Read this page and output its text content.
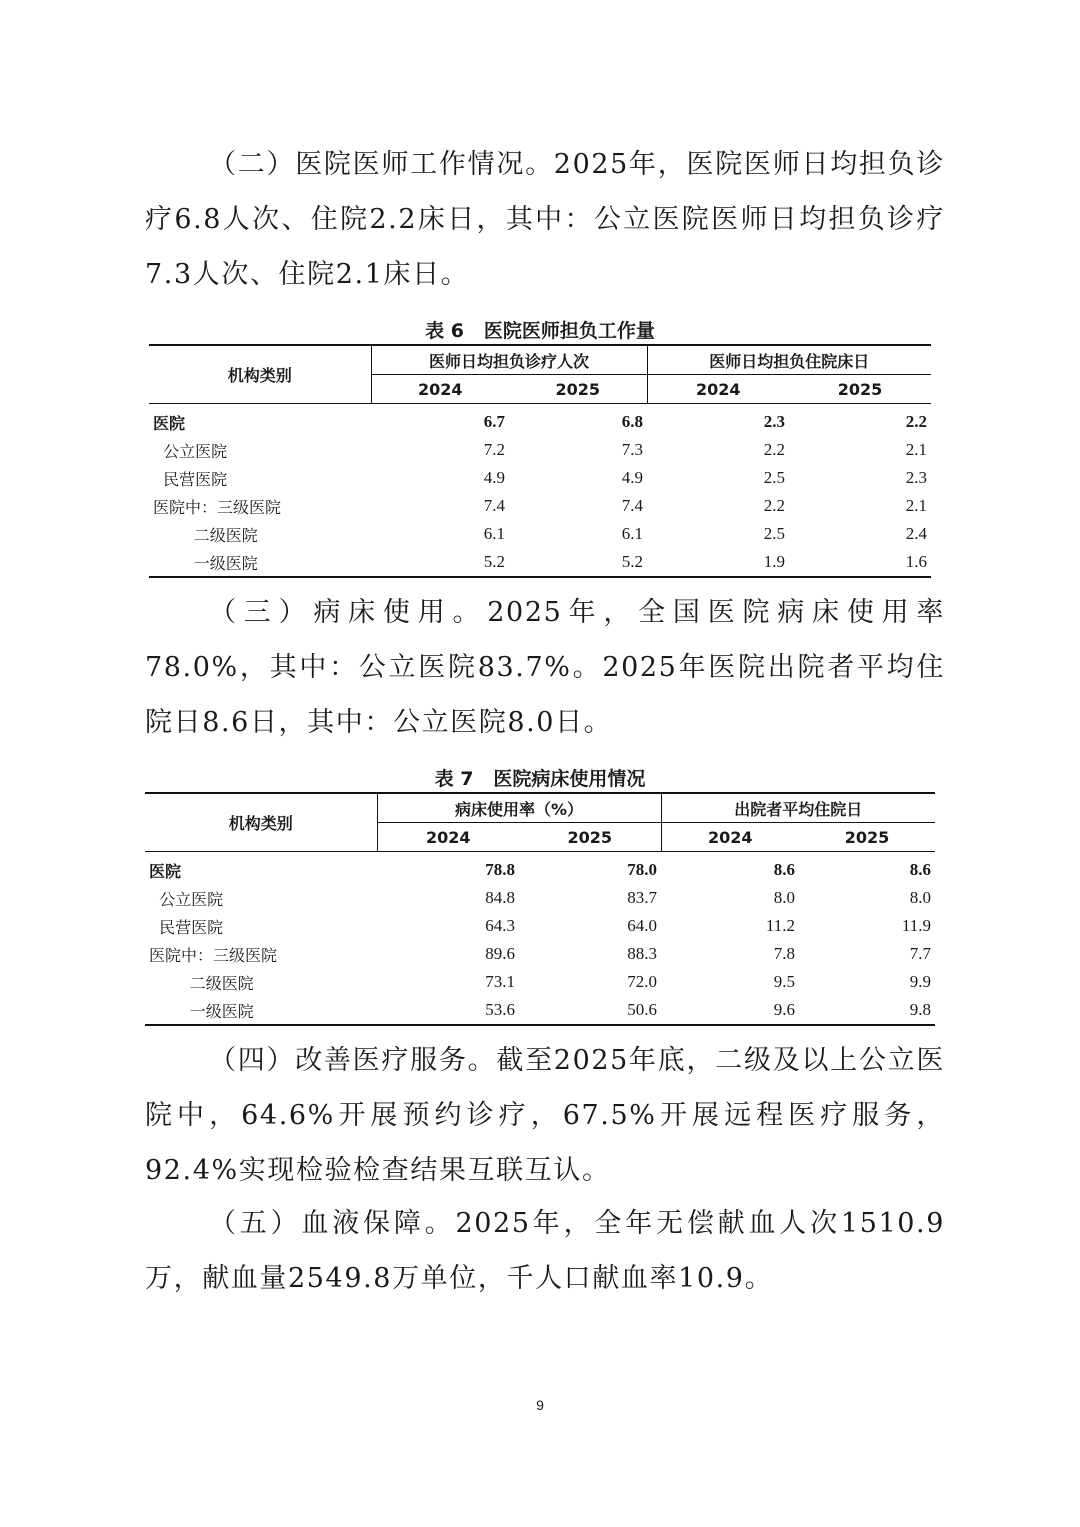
（二）医院医师工作情况。2025年，医院医师日均担负诊疗6.8人次、住院2.2床日，其中：公立医院医师日均担负诊疗7.3人次、住院2.1床日。

表 6   医院医师担负工作量

机构类别	医师日均担负诊疗人次		医师日均担负住院床日	
	2024	2025	2024	2025
医院	6.7	6.8	2.3	2.2
公立医院	7.2	7.3	2.2	2.1
民营医院	4.9	4.9	2.5	2.3
医院中：三级医院	7.4	7.4	2.2	2.1
二级医院	6.1	6.1	2.5	2.4
一级医院	5.2	5.2	1.9	1.6

（三）病床使用。2025年，全国医院病床使用率78.0%，其中：公立医院83.7%。2025年医院出院者平均住院日8.6日，其中：公立医院8.0日。

表 7   医院病床使用情况

机构类别	病床使用率（%）		出院者平均住院日	
	2024	2025	2024	2025
医院	78.8	78.0	8.6	8.6
公立医院	84.8	83.7	8.0	8.0
民营医院	64.3	64.0	11.2	11.9
医院中：三级医院	89.6	88.3	7.8	7.7
二级医院	73.1	72.0	9.5	9.9
一级医院	53.6	50.6	9.6	9.8

（四）改善医疗服务。截至2025年底，二级及以上公立医院中，64.6%开展预约诊疗，67.5%开展远程医疗服务，92.4%实现检验检查结果互联互认。

（五）血液保障。2025年，全年无偿献血人次1510.9万，献血量2549.8万单位，千人口献血率10.9。

9
